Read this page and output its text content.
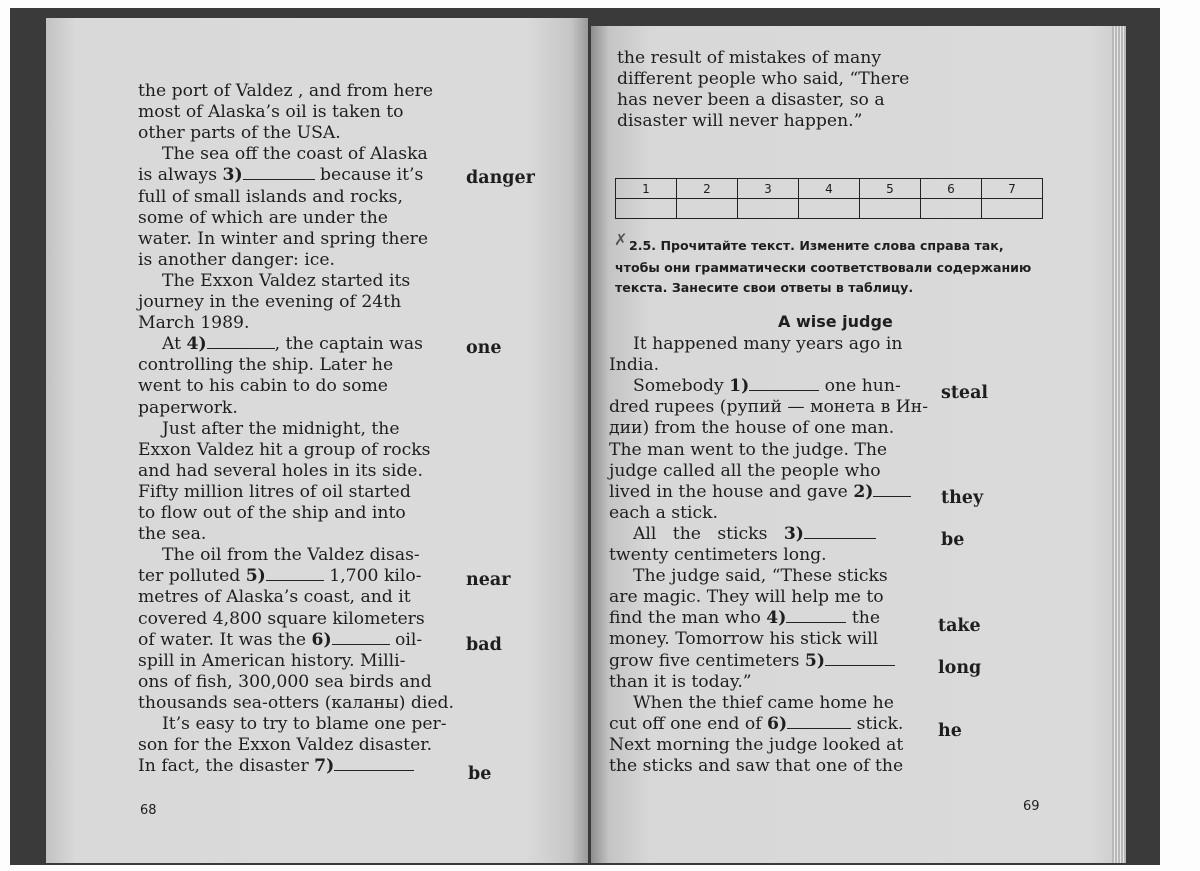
the port of Valdez , and from here
most of Alaska’s oil is taken to
other parts of the USA.
The sea off the coast of Alaska
is always 3)	because it’s
full of small islands and rocks,
some of which are under the
water. In winter and spring there
is another danger: ice.
The Exxon Valdez started its
journey in the evening of 24th
March 1989.
At 4)	, the captain was
controlling the ship. Later he
went to his cabin to do some
paperwork.
Just after the midnight, the
Exxon Valdez hit a group of rocks
and had several holes in its side.
Fifty million litres of oil started
to flow out of the ship and into
the sea.
The oil from the Valdez disas-
ter polluted 5)	1,700 kilo-
metres of Alaska’s coast, and it
covered 4,800 square kilometers
of water. It was the 6)	oil-
spill in American history. Milli-
ons of fish, 300,000 sea birds and
thousands sea-otters (каланы) died.
It’s easy to try to blame one per-
son for the Exxon Valdez disaster.
In fact, the disaster 7)
danger
one
near
bad
be
68
the result of mistakes of many
different people who said, “There
has never been a disaster, so a
disaster will never happen.”
1	2	3	4	5	6	7

✗ 2.5. Прочитайте текст. Измените слова справа так,
чтобы они грамматически соответствовали содержанию
текста. Занесите свои ответы в таблицу.
A wise judge
It happened many years ago in
India.
Somebody 1)	one hun-
dred rupees (рупий — монета в Ин-
дии) from the house of one man.
The man went to the judge. The
judge called all the people who
lived in the house and gave 2)
each a stick.
All   the   sticks   3)
twenty centimeters long.
The judge said, “These sticks
are magic. They will help me to
find the man who 4)	the
money. Tomorrow his stick will
grow five centimeters 5)
than it is today.”
When the thief came home he
cut off one end of 6)	stick.
Next morning the judge looked at
the sticks and saw that one of the
steal
they
be
take
long
he
69
